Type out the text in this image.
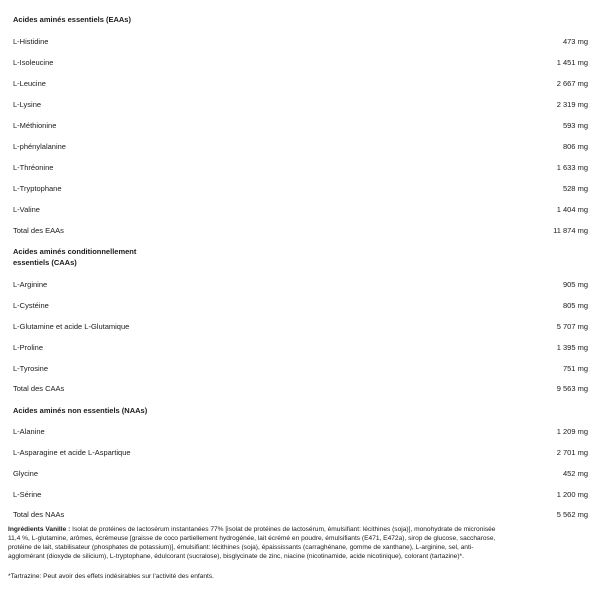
Acides aminés essentiels (EAAs)
L-Histidine	473 mg
L-Isoleucine	1 451 mg
L-Leucine	2 667 mg
L-Lysine	2 319 mg
L-Méthionine	593 mg
L-phénylalanine	806 mg
L-Thréonine	1 633 mg
L-Tryptophane	528 mg
L-Valine	1 404 mg
Total des EAAs	11 874 mg
Acides aminés conditionnellement
essentiels (CAAs)
L-Arginine	905 mg
L-Cystéine	805 mg
L-Glutamine et acide L-Glutamique	5 707 mg
L-Proline	1 395 mg
L-Tyrosine	751 mg
Total des CAAs	9 563 mg
Acides aminés non essentiels (NAAs)
L-Alanine	1 209 mg
L-Asparagine et acide L-Aspartique	2 701 mg
Glycine	452 mg
L-Sérine	1 200 mg
Total des NAAs	5 562 mg
Ingrédients Vanille : Isolat de protéines de lactosérum instantanées 77% [isolat de protéines de lactosérum, émulsifiant: lécithines (soja)], monohydrate de micronisée
11,4 %, L-glutamine, arômes, écrémeuse [graisse de coco partiellement hydrogénée, lait écrémé en poudre, émulsifiants (E471, E472a), sirop de glucose, saccharose,
protéine de lait, stabilisateur (phosphates de potassium)], émulsifiant: lécithines (soja), épaississants (carraghénane, gomme de xanthane), L-arginine, sel, anti-
agglomérant (dioxyde de silicium), L-tryptophane, édulcorant (sucralose), bisglycinate de zinc, niacine (nicotinamide, acide nicotinique), colorant (tartazine)*.
*Tartrazine: Peut avoir des effets indésirables sur l'activité des enfants.
